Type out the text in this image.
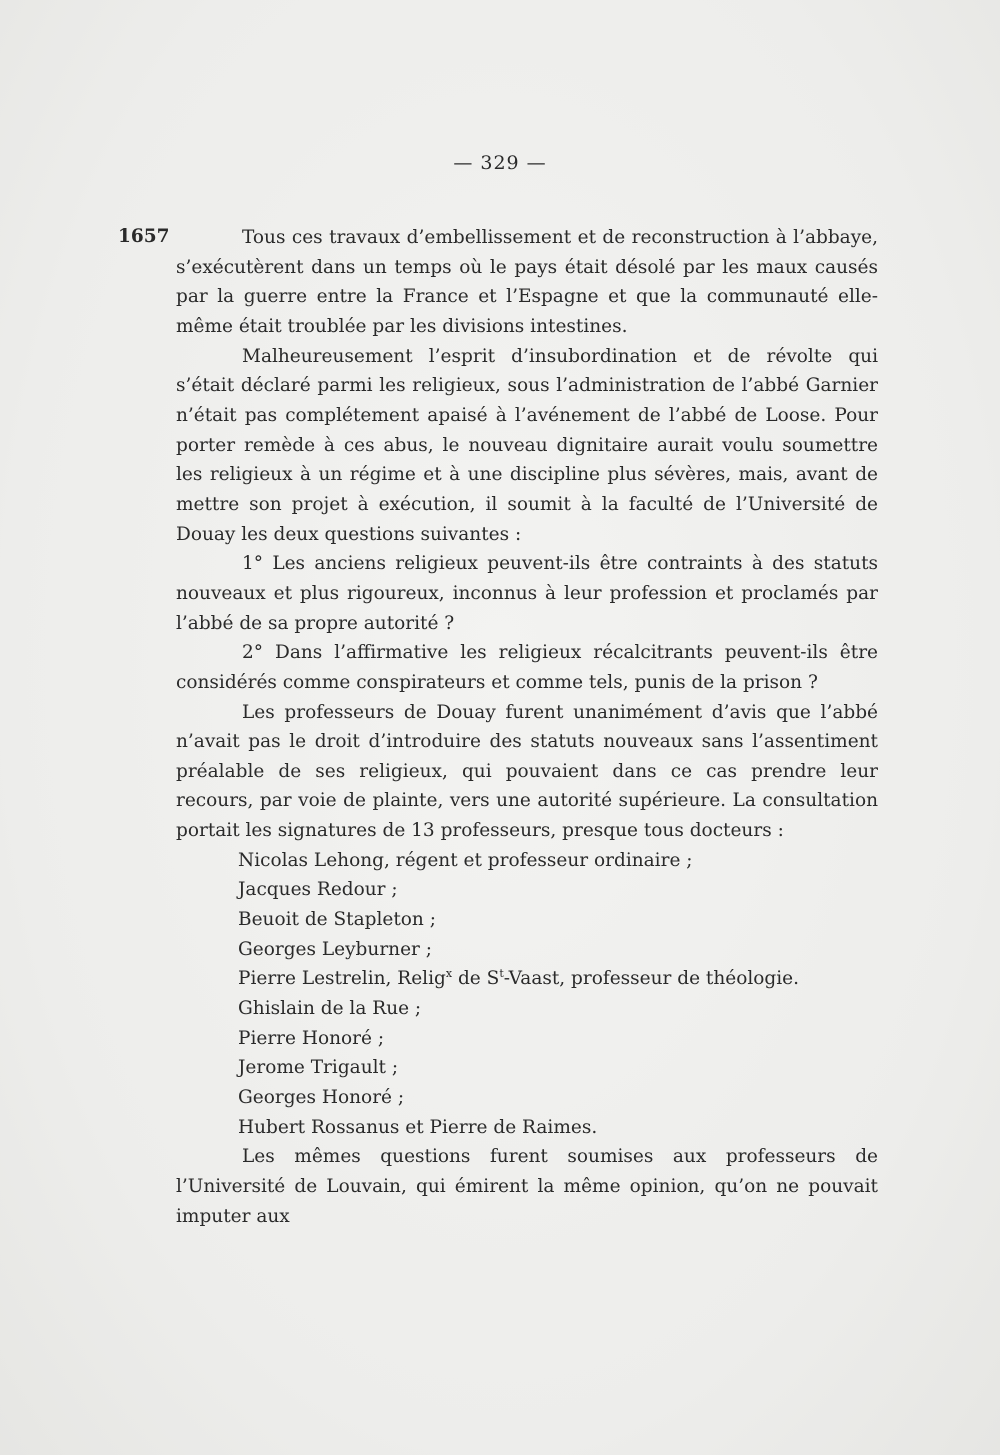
— 329 —
1657	Tous ces travaux d’embellissement et de reconstruction à l’abbaye, s’exécutèrent dans un temps où le pays était désolé par les maux causés par la guerre entre la France et l’Espagne et que la communauté elle-même était troublée par les divisions intestines.

Malheureusement l’esprit d’insubordination et de révolte qui s’était déclaré parmi les religieux, sous l’administration de l’abbé Garnier n’était pas complétement apaisé à l’avénement de l’abbé de Loose. Pour porter remède à ces abus, le nouveau dignitaire aurait voulu soumettre les religieux à un régime et à une discipline plus sévères, mais, avant de mettre son projet à exécution, il soumit à la faculté de l’Université de Douay les deux questions suivantes :

1° Les anciens religieux peuvent-ils être contraints à des statuts nouveaux et plus rigoureux, inconnus à leur profession et proclamés par l’abbé de sa propre autorité ?

2° Dans l’affirmative les religieux récalcitrants peuvent-ils être considérés comme conspirateurs et comme tels, punis de la prison ?

Les professeurs de Douay furent unanimément d’avis que l’abbé n’avait pas le droit d’introduire des statuts nouveaux sans l’assentiment préalable de ses religieux, qui pouvaient dans ce cas prendre leur recours, par voie de plainte, vers une autorité supérieure. La consultation portait les signatures de 13 professeurs, presque tous docteurs :

Nicolas Lehong, régent et professeur ordinaire ;

Jacques Redour ;

Beuoit de Stapleton ;

Georges Leyburner ;

Pierre Lestrelin, Relig$^x$ de $S^t$-Vaast, professeur de théologie.

Ghislain de la Rue ;

Pierre Honoré ;

Jerome Trigault ;

Georges Honoré ;

Hubert Rossanus et Pierre de Raimes.

Les mêmes questions furent soumises aux professeurs de l’Université de Louvain, qui émirent la même opinion, qu’on ne pouvait imputer aux
